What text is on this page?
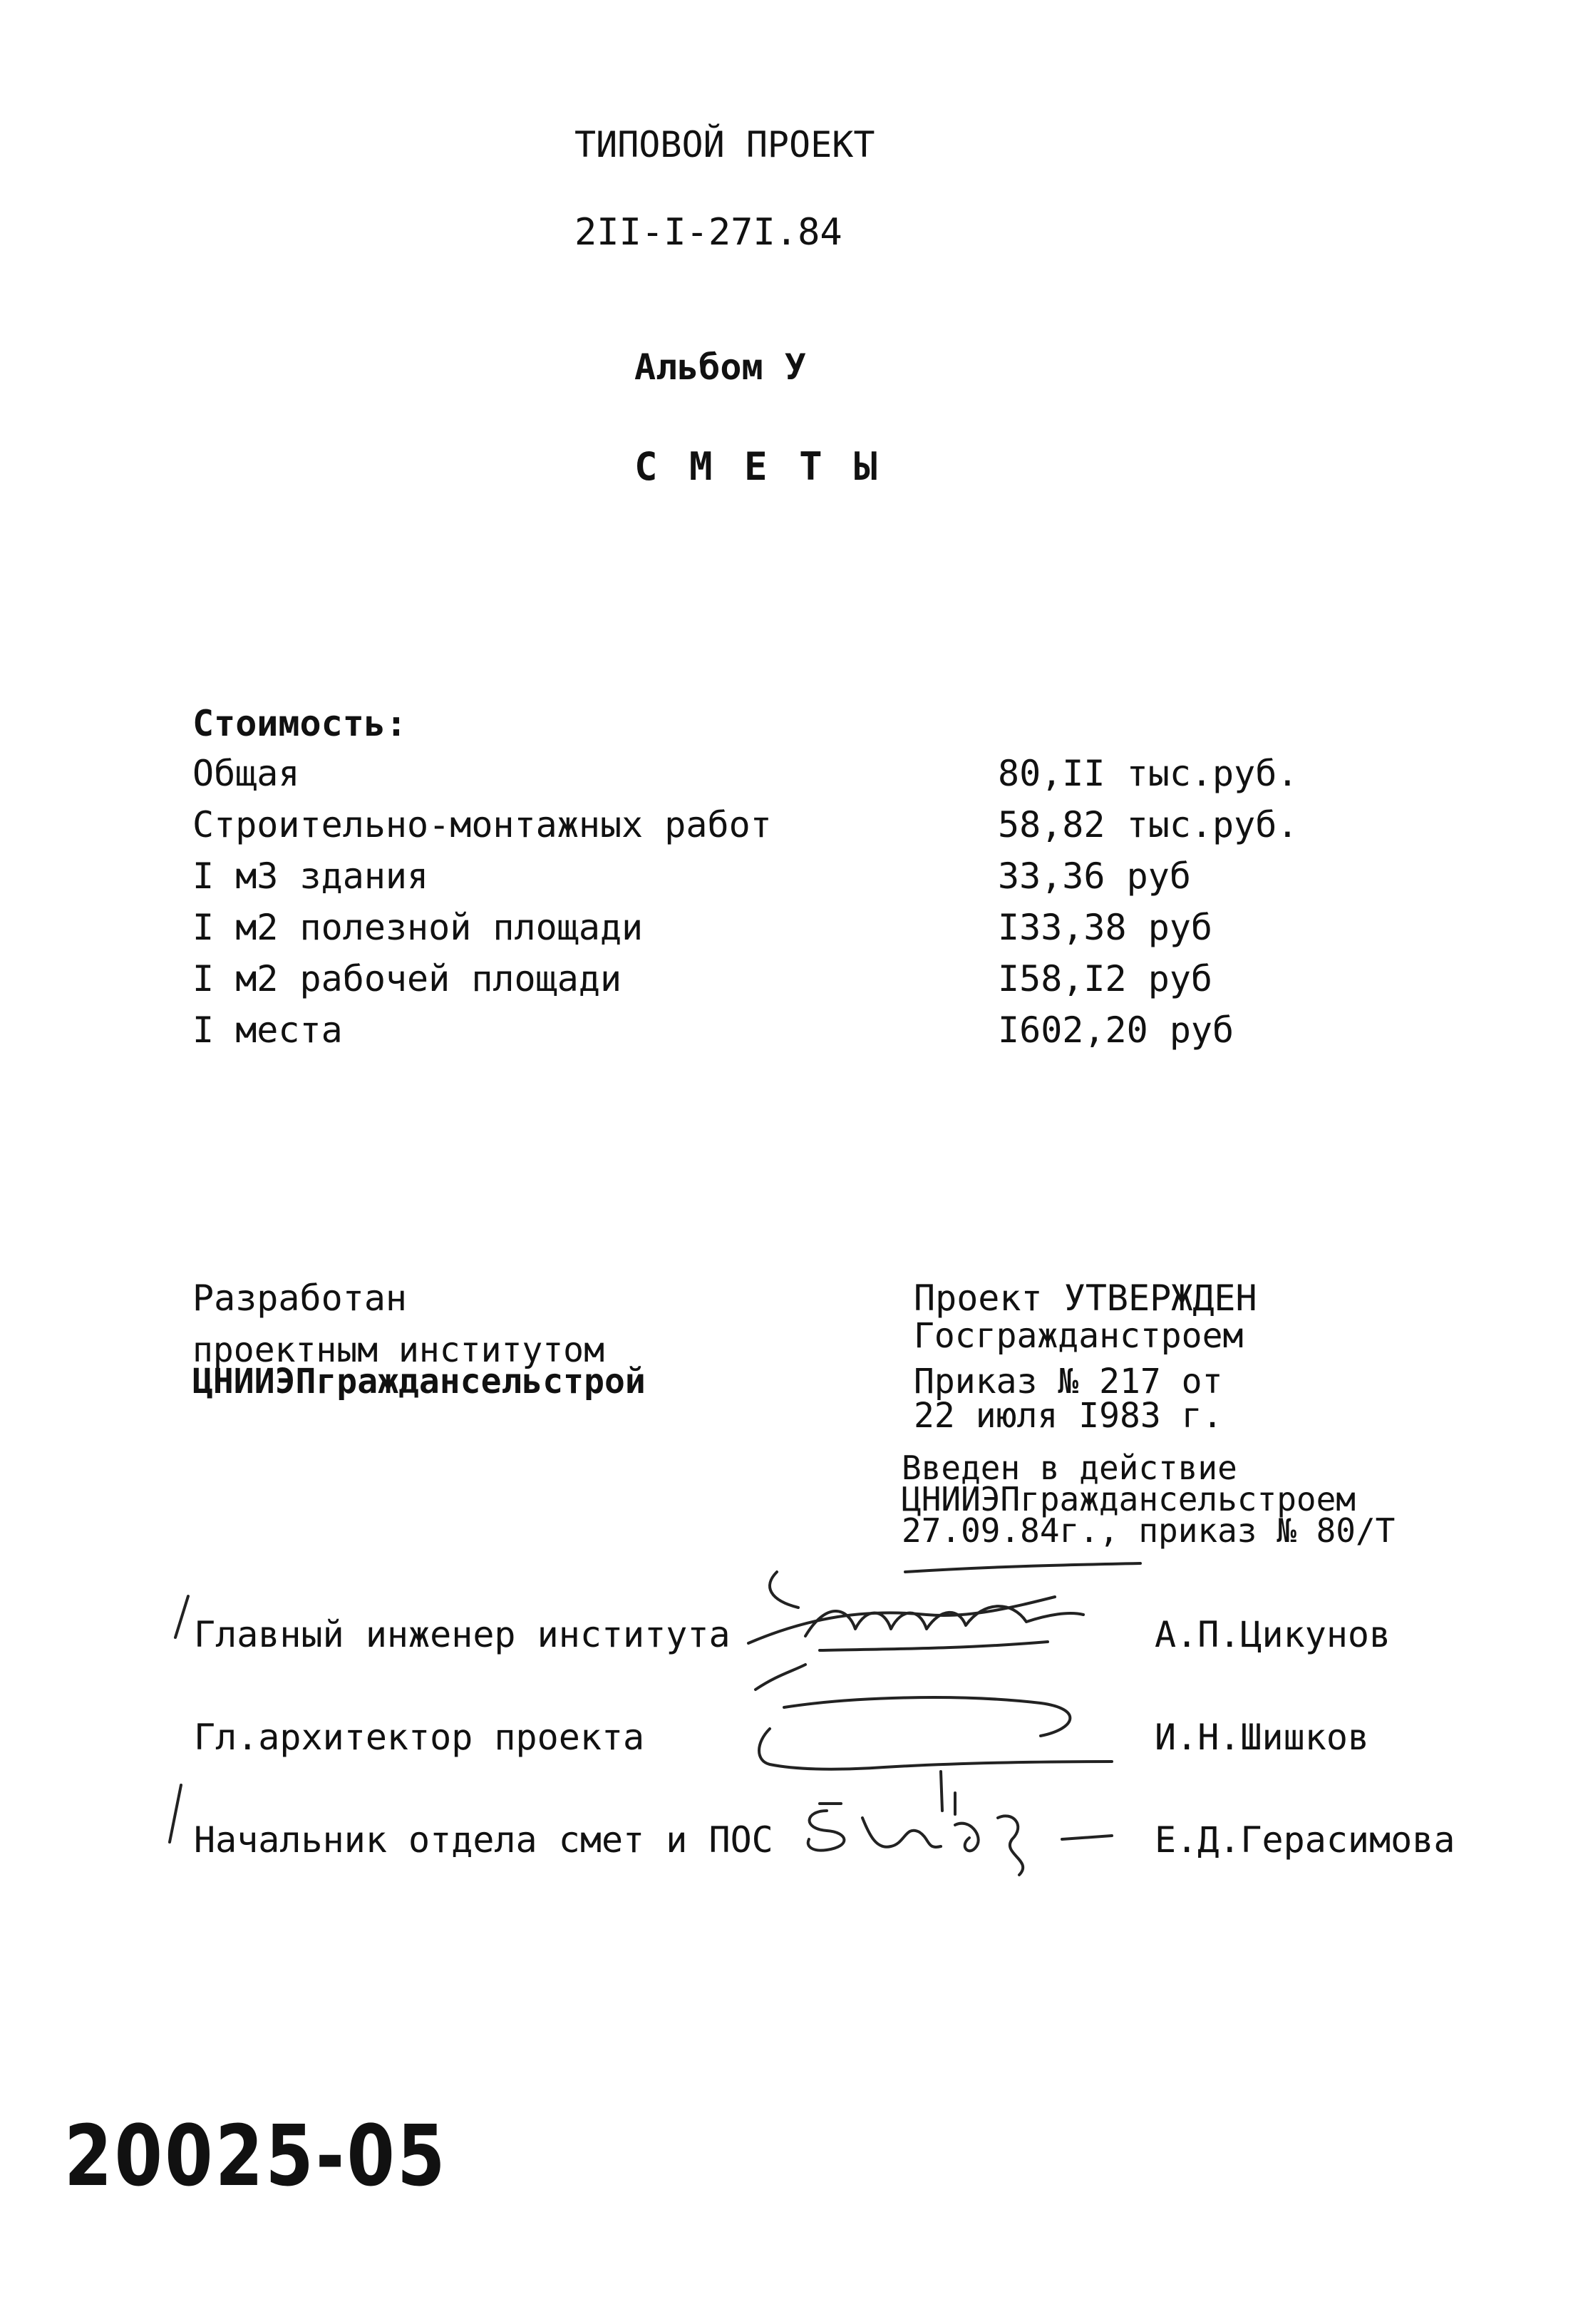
ТИПОВОЙ ПРОЕКТ
2II-I-27I.84
Альбом У
С М Е Т Ы
Стоимость:
Общая	80,II тыс.руб.
Строительно-монтажных работ	58,82 тыс.руб.
I м3 здания	33,36 руб
I м2 полезной площади	I33,38 руб
I м2 рабочей площади	I58,I2 руб
I места	I602,20 руб
Разработан
проектным институтом
ЦНИИЭПгражданcельстрой
Проект УТВЕРЖДЕН
Госгражданстроем
Приказ № 217 от
22 июля I983 г.
Введен в действие
ЦНИИЭПгражданcельстроем
27.09.84г., приказ № 80/Т
Главный инженер института	А.П.Цикунов
Гл.архитектор проекта	И.Н.Шишков
Начальник отдела смет и ПОС	Е.Д.Герасимова
20025-05
